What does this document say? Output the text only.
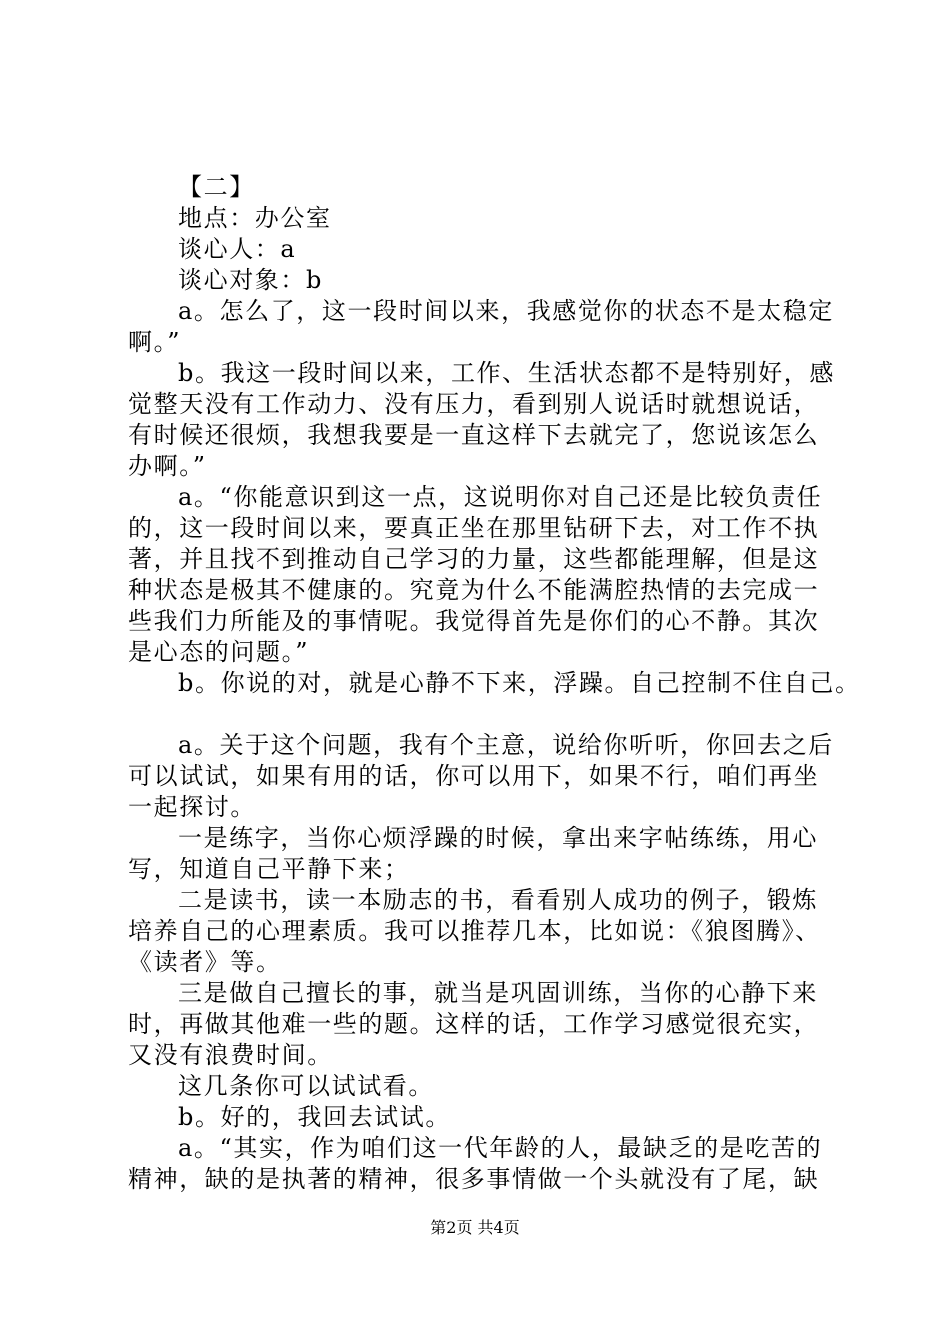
【二】

地点：办公室

谈心人：a

谈心对象：b

a。怎么了，这一段时间以来，我感觉你的状态不是太稳定啊。”

b。我这一段时间以来，工作、生活状态都不是特别好，感觉整天没有工作动力、没有压力，看到别人说话时就想说话，有时候还很烦，我想我要是一直这样下去就完了，您说该怎么办啊。”

a。“你能意识到这一点，这说明你对自己还是比较负责任的，这一段时间以来，要真正坐在那里钻研下去，对工作不执著，并且找不到推动自己学习的力量，这些都能理解，但是这种状态是极其不健康的。究竟为什么不能满腔热情的去完成一些我们力所能及的事情呢。我觉得首先是你们的心不静。其次是心态的问题。”

b。你说的对，就是心静不下来，浮躁。自己控制不住自己。

a。关于这个问题，我有个主意，说给你听听，你回去之后可以试试，如果有用的话，你可以用下，如果不行，咱们再坐一起探讨。

一是练字，当你心烦浮躁的时候，拿出来字帖练练，用心写，知道自己平静下来；

二是读书，读一本励志的书，看看别人成功的例子，锻炼培养自己的心理素质。我可以推荐几本，比如说：《狼图腾》、《读者》等。

三是做自己擅长的事，就当是巩固训练，当你的心静下来时，再做其他难一些的题。这样的话，工作学习感觉很充实，又没有浪费时间。

这几条你可以试试看。

b。好的，我回去试试。

a。“其实，作为咱们这一代年龄的人，最缺乏的是吃苦的精神，缺的是执著的精神，很多事情做一个头就没有了尾，缺

第2页 共4页
